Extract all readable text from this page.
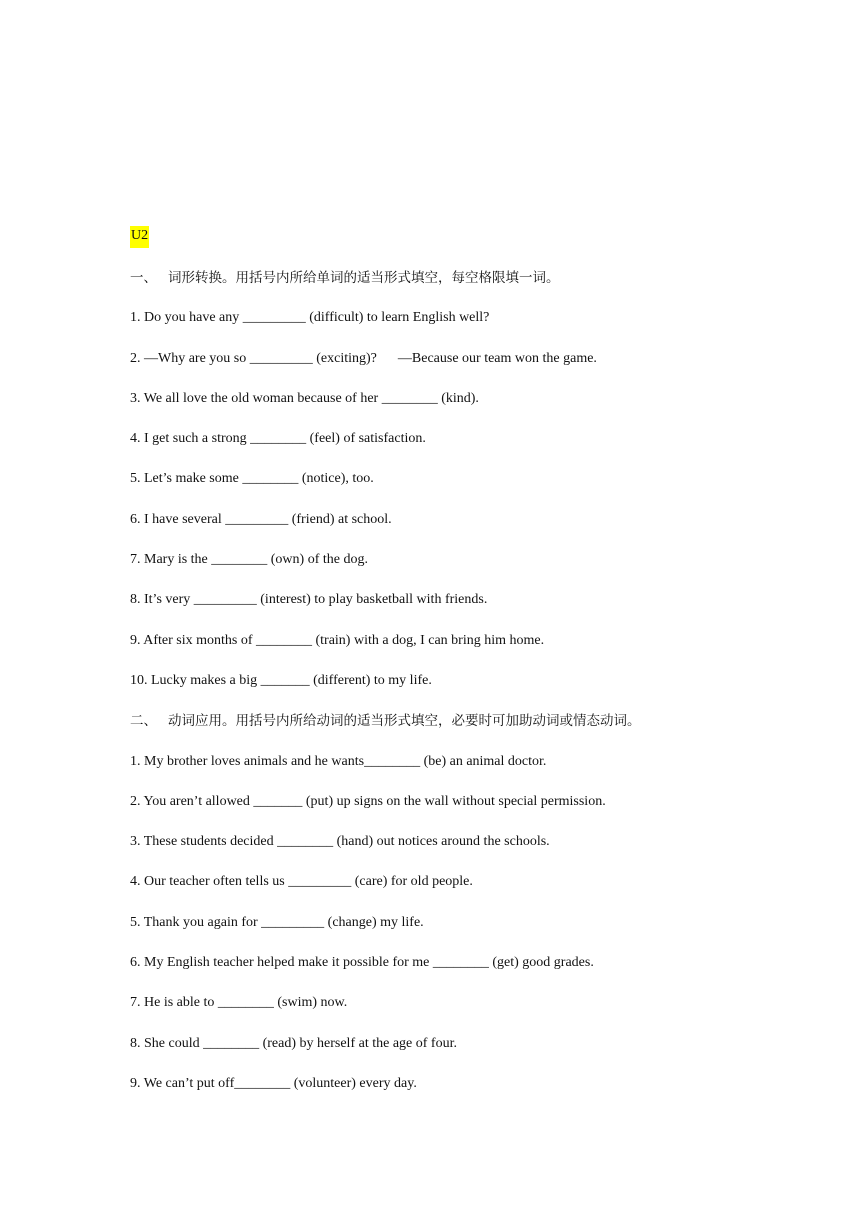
U2
一、 词形转换。用括号内所给单词的适当形式填空，每空格限填一词。
1. Do you have any _________ (difficult) to learn English well?
2. —Why are you so _________ (exciting)?      —Because our team won the game.
3. We all love the old woman because of her ________ (kind).
4. I get such a strong ________ (feel) of satisfaction.
5. Let’s make some ________ (notice), too.
6. I have several _________ (friend) at school.
7. Mary is the ________ (own) of the dog.
8. It’s very _________ (interest) to play basketball with friends.
9. After six months of ________ (train) with a dog, I can bring him home.
10. Lucky makes a big _______ (different) to my life.
二、 动词应用。用括号内所给动词的适当形式填空，必要时可加助动词或情态动词。
1. My brother loves animals and he wants________ (be) an animal doctor.
2. You aren’t allowed _______ (put) up signs on the wall without special permission.
3. These students decided ________ (hand) out notices around the schools.
4. Our teacher often tells us _________ (care) for old people.
5. Thank you again for _________ (change) my life.
6. My English teacher helped make it possible for me ________ (get) good grades.
7. He is able to ________ (swim) now.
8. She could ________ (read) by herself at the age of four.
9. We can’t put off________ (volunteer) every day.
